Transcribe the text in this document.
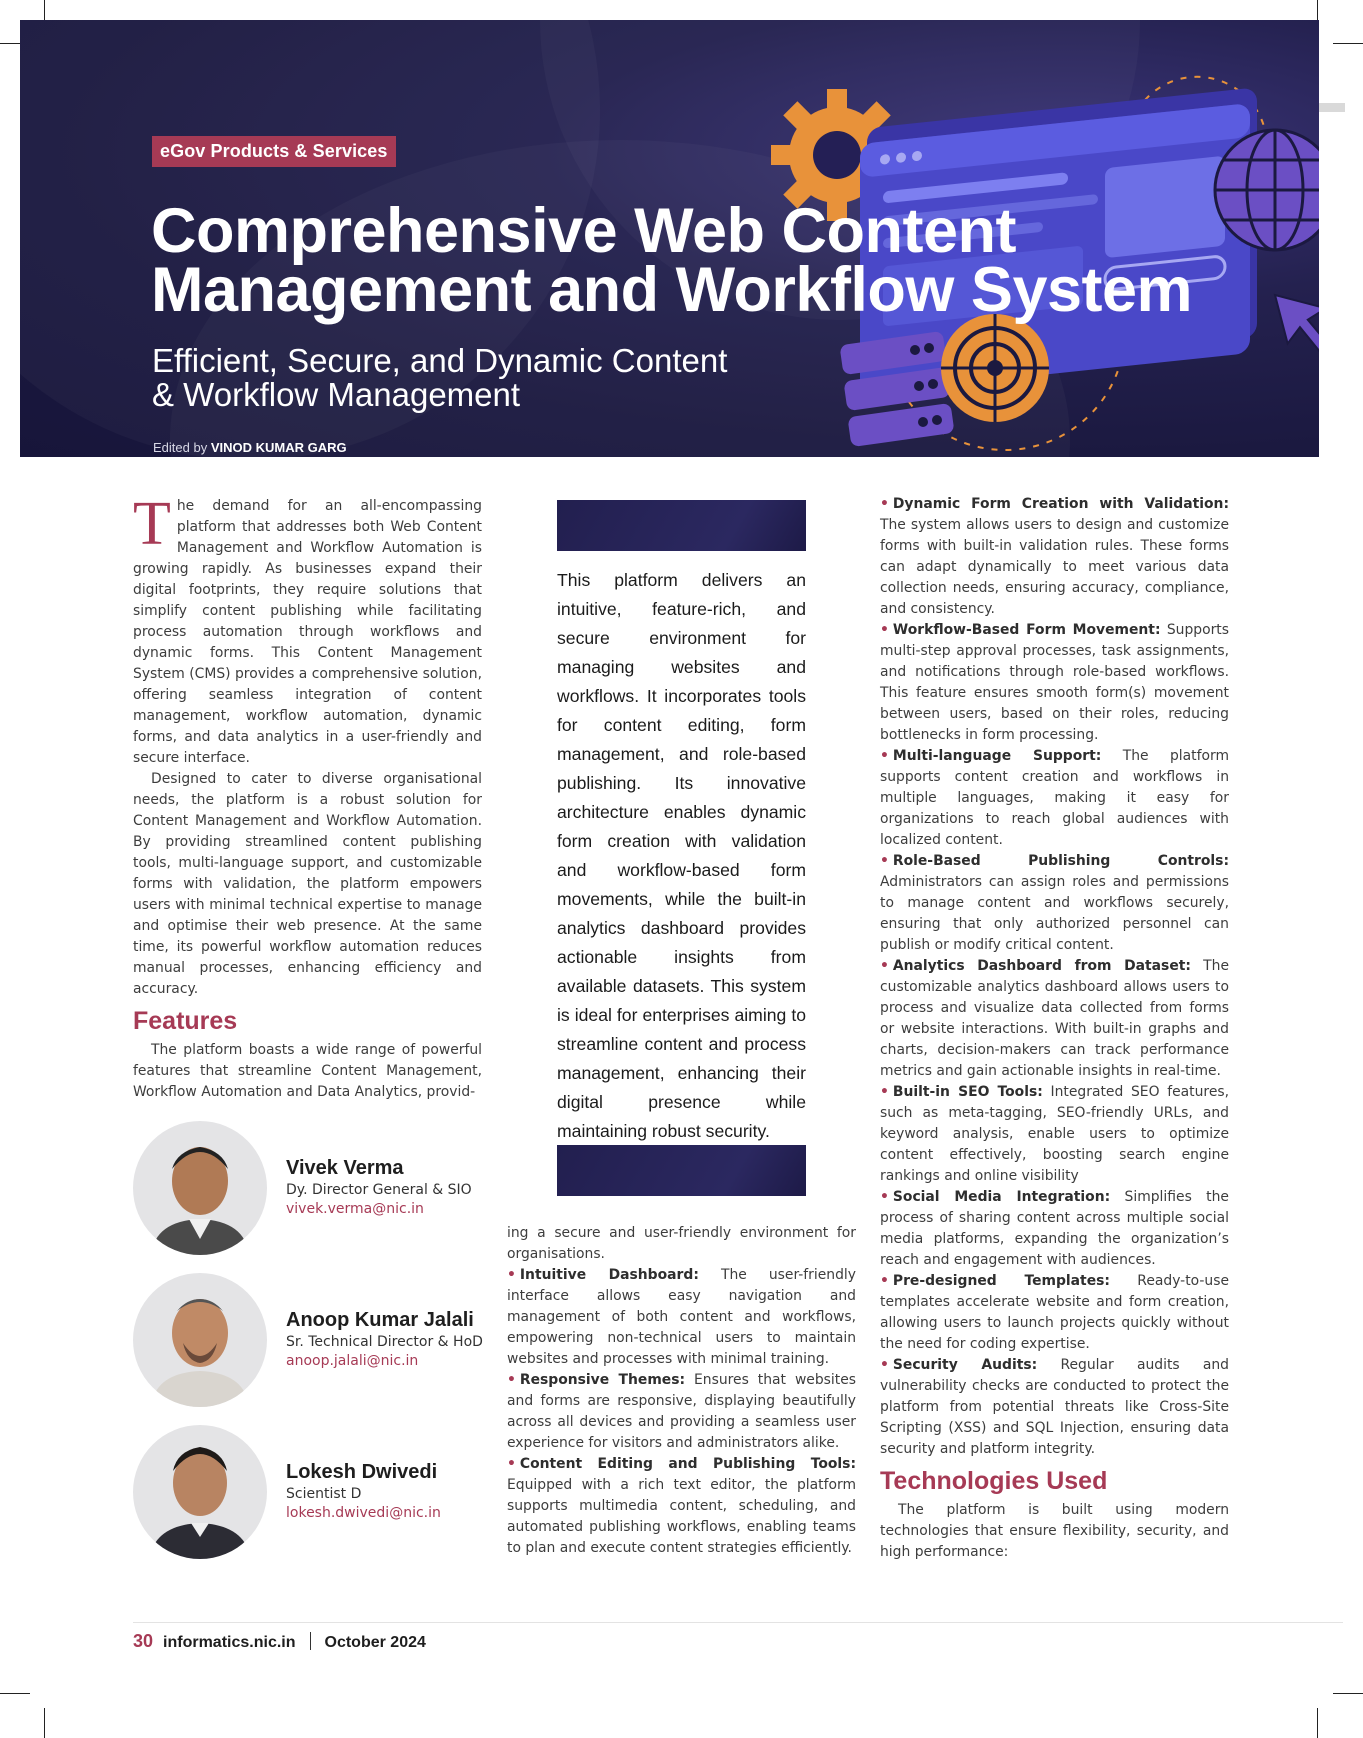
eGov Products & Services
Comprehensive Web Content
Management and Workflow System

Efficient, Secure, and Dynamic Content
& Workflow Management

Edited by VINOD KUMAR GARG

The demand for an all-encompassing platform that addresses both Web Content Management and Workflow Automation is growing rapidly. As businesses expand their digital footprints, they require solutions that simplify content publishing while facilitating process automation through workflows and dynamic forms. This Content Management System (CMS) provides a comprehensive solution, offering seamless integration of content management, workflow automation, dynamic forms, and data analytics in a user-friendly and secure interface.

Designed to cater to diverse organisational needs, the platform is a robust solution for Content Management and Workflow Automation. By providing streamlined content publishing tools, multi-language support, and customizable forms with validation, the platform empowers users with minimal technical expertise to manage and optimise their web presence. At the same time, its powerful workflow automation reduces manual processes, enhancing efficiency and accuracy.

Features

The platform boasts a wide range of powerful features that streamline Content Management, Workflow Automation and Data Analytics, provid-

This platform delivers an intuitive, feature-rich, and secure environment for managing websites and workflows. It incorporates tools for content editing, form management, and role-based publishing. Its innovative architecture enables dynamic form creation with validation and workflow-based form movements, while the built-in analytics dashboard provides actionable insights from available datasets. This system is ideal for enterprises aiming to streamline content and process management, enhancing their digital presence while maintaining robust security.

ing a secure and user-friendly environment for organisations.

• Intuitive Dashboard: The user-friendly interface allows easy navigation and management of both content and workflows, empowering non-technical users to maintain websites and processes with minimal training.

• Responsive Themes: Ensures that websites and forms are responsive, displaying beautifully across all devices and providing a seamless user experience for visitors and administrators alike.

• Content Editing and Publishing Tools: Equipped with a rich text editor, the platform supports multimedia content, scheduling, and automated publishing workflows, enabling teams to plan and execute content strategies efficiently.

• Dynamic Form Creation with Validation: The system allows users to design and customize forms with built-in validation rules. These forms can adapt dynamically to meet various data collection needs, ensuring accuracy, compliance, and consistency.

• Workflow-Based Form Movement: Supports multi-step approval processes, task assignments, and notifications through role-based workflows. This feature ensures smooth form(s) movement between users, based on their roles, reducing bottlenecks in form processing.

• Multi-language Support: The platform supports content creation and workflows in multiple languages, making it easy for organizations to reach global audiences with localized content.

• Role-Based Publishing Controls: Administrators can assign roles and permissions to manage content and workflows securely, ensuring that only authorized personnel can publish or modify critical content.

• Analytics Dashboard from Dataset: The customizable analytics dashboard allows users to process and visualize data collected from forms or website interactions. With built-in graphs and charts, decision-makers can track performance metrics and gain actionable insights in real-time.

• Built-in SEO Tools: Integrated SEO features, such as meta-tagging, SEO-friendly URLs, and keyword analysis, enable users to optimize content effectively, boosting search engine rankings and online visibility

• Social Media Integration: Simplifies the process of sharing content across multiple social media platforms, expanding the organization’s reach and engagement with audiences.

• Pre-designed Templates: Ready-to-use templates accelerate website and form creation, allowing users to launch projects quickly without the need for coding expertise.

• Security Audits: Regular audits and vulnerability checks are conducted to protect the platform from potential threats like Cross-Site Scripting (XSS) and SQL Injection, ensuring data security and platform integrity.

Technologies Used

The platform is built using modern technologies that ensure flexibility, security, and high performance:

Vivek Verma
Dy. Director General & SIO
vivek.verma@nic.in
Anoop Kumar Jalali
Sr. Technical Director & HoD
anoop.jalali@nic.in
Lokesh Dwivedi
Scientist D
lokesh.dwivedi@nic.in
30 informatics.nic.in October 2024
